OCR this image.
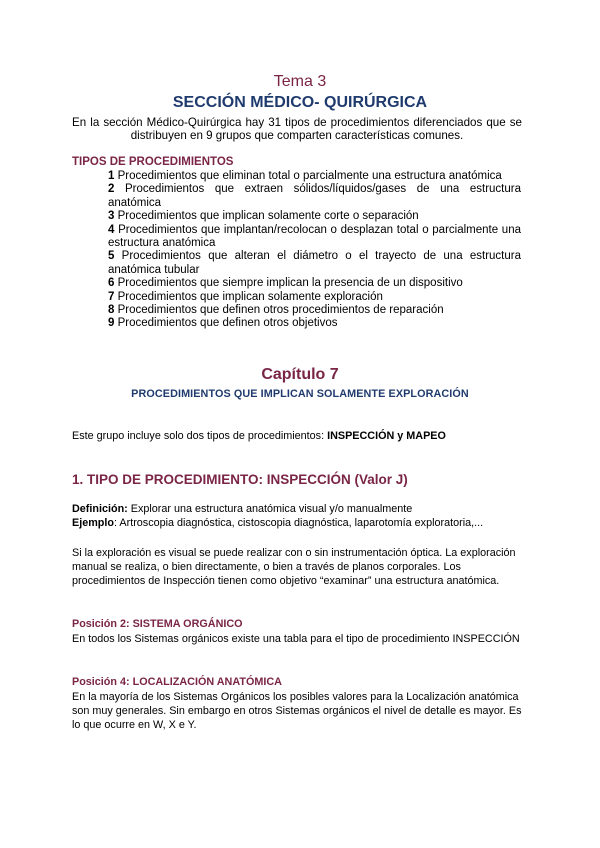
Tema 3
SECCIÓN MÉDICO- QUIRÚRGICA
En la sección Médico-Quirúrgica hay 31 tipos de procedimientos diferenciados que se distribuyen en 9 grupos que comparten características comunes.
TIPOS DE PROCEDIMIENTOS
1 Procedimientos que eliminan total o parcialmente una estructura anatómica
2 Procedimientos que extraen sólidos/líquidos/gases de una estructura anatómica
3 Procedimientos que implican solamente corte o separación
4 Procedimientos que implantan/recolocan o desplazan total o parcialmente una estructura anatómica
5 Procedimientos que alteran el diámetro o el trayecto de una estructura anatómica tubular
6 Procedimientos que siempre implican la presencia de un dispositivo
7 Procedimientos que implican solamente exploración
8 Procedimientos que definen otros procedimientos de reparación
9 Procedimientos que definen otros objetivos
Capítulo 7
PROCEDIMIENTOS QUE IMPLICAN SOLAMENTE EXPLORACIÓN
Este grupo incluye solo dos tipos de procedimientos: INSPECCIÓN y MAPEO
1. TIPO DE PROCEDIMIENTO: INSPECCIÓN (Valor J)
Definición: Explorar una estructura anatómica visual y/o manualmente
Ejemplo: Artroscopia diagnóstica, cistoscopia diagnóstica, laparotomía exploratoria,...
Si la exploración es visual se puede realizar con o sin instrumentación óptica. La exploración manual se realiza, o bien directamente, o bien a través de planos corporales. Los procedimientos de Inspección tienen como objetivo “examinar” una estructura anatómica.
Posición 2: SISTEMA ORGÁNICO
En todos los Sistemas orgánicos existe una tabla para el tipo de procedimiento INSPECCIÓN
Posición 4: LOCALIZACIÓN ANATÓMICA
En la mayoría de los Sistemas Orgánicos los posibles valores para la Localización anatómica son muy generales. Sin embargo en otros Sistemas orgánicos el nivel de detalle es mayor. Es lo que ocurre en W, X e Y.
